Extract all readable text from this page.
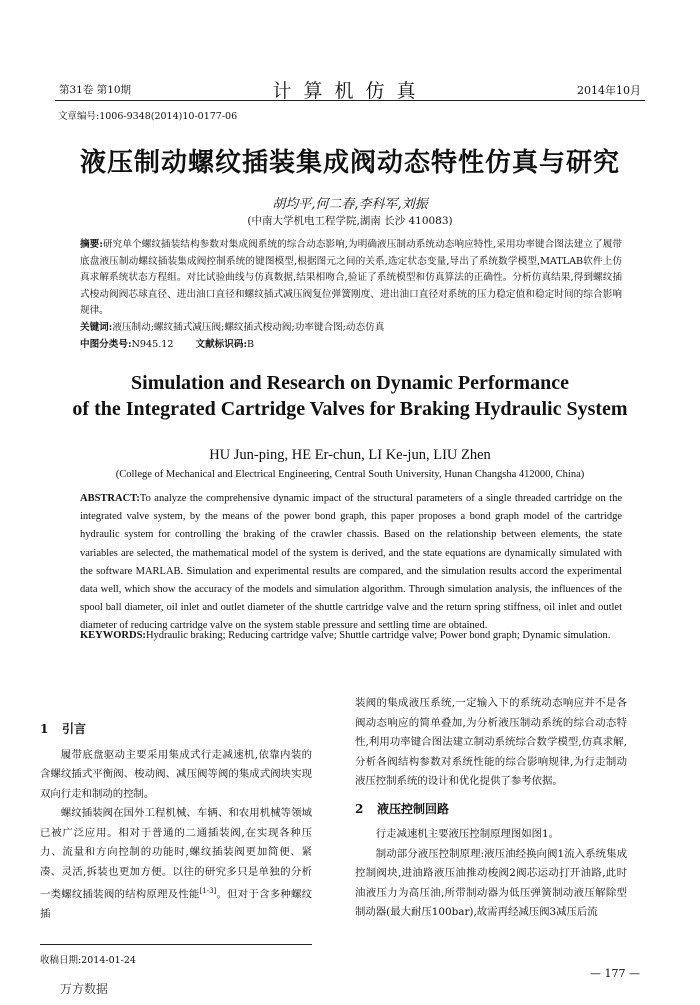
第31卷 第10期	计算机仿真	2014年10月
文章编号:1006-9348(2014)10-0177-06
液压制动螺纹插装集成阀动态特性仿真与研究
胡均平,何二春,李科军,刘振
(中南大学机电工程学院,湖南 长沙 410083)
摘要:研究单个螺纹插装结构参数对集成阀系统的综合动态影响,为明确液压制动系统动态响应特性,采用功率键合图法建立了履带底盘液压制动螺纹插装集成阀控制系统的键图模型,根据图元之间的关系,选定状态变量,导出了系统数学模型,MATLAB软件上仿真求解系统状态方程组。对比试验曲线与仿真数据,结果相吻合,验证了系统模型和仿真算法的正确性。分析仿真结果,得到螺纹插式梭动阀阀芯球直径、进出油口直径和螺纹插式减压阀复位弹簧刚度、进出油口直径对系统的压力稳定值和稳定时间的综合影响规律。
关键词:液压制动;螺纹插式减压阀;螺纹插式梭动阀;功率键合图;动态仿真
中图分类号:N945.12 文献标识码:B
Simulation and Research on Dynamic Performance
of the Integrated Cartridge Valves for Braking Hydraulic System
HU Jun-ping, HE Er-chun, LI Ke-jun, LIU Zhen
(College of Mechanical and Electrical Engineering, Central South University, Hunan Changsha 412000, China)
ABSTRACT:To analyze the comprehensive dynamic impact of the structural parameters of a single threaded cartridge on the integrated valve system, by the means of the power bond graph, this paper proposes a bond graph model of the cartridge hydraulic system for controlling the braking of the crawler chassis. Based on the relationship between elements, the state variables are selected, the mathematical model of the system is derived, and the state equations are dynamically simulated with the software MARLAB. Simulation and experimental results are compared, and the simulation results accord the experimental data well, which show the accuracy of the models and simulation algorithm. Through simulation analysis, the influences of the spool ball diameter, oil inlet and outlet diameter of the shuttle cartridge valve and the return spring stiffness, oil inlet and outlet diameter of reducing cartridge valve on the system stable pressure and settling time are obtained.
KEYWORDS:Hydraulic braking; Reducing cartridge valve; Shuttle cartridge valve; Power bond graph; Dynamic simulation.
1 引言

履带底盘驱动主要采用集成式行走减速机,依靠内装的含螺纹插式平衡阀、梭动阀、减压阀等阀的集成式阀块实现双向行走和制动的控制。

螺纹插装阀在国外工程机械、车辆、和农用机械等领域已被广泛应用。相对于普通的二通插装阀,在实现各种压力、流量和方向控制的功能时,螺纹插装阀更加简便、紧凑、灵活,拆装也更加方便。以往的研究多只是单独的分析一类螺纹插装阀的结构原理及性能[1-3]。但对于含多种螺纹插

装阀的集成液压系统,一定输入下的系统动态响应并不是各阀动态响应的简单叠加,为分析液压制动系统的综合动态特性,利用功率键合图法建立制动系统综合数学模型,仿真求解,分析各阀结构参数对系统性能的综合影响规律,为行走制动液压控制系统的设计和优化提供了参考依据。

2 液压控制回路

行走减速机主要液压控制原理图如图1。

制动部分液压控制原理:液压油经换向阀1流入系统集成控制阀块,进油路液压油推动梭阀2阀芯运动打开油路,此时油液压力为高压油,所带制动器为低压弹簧制动液压解除型制动器(最大耐压100bar),故需再经减压阀3减压后流

收稿日期:2014-01-24
— 177 —
万方数据
